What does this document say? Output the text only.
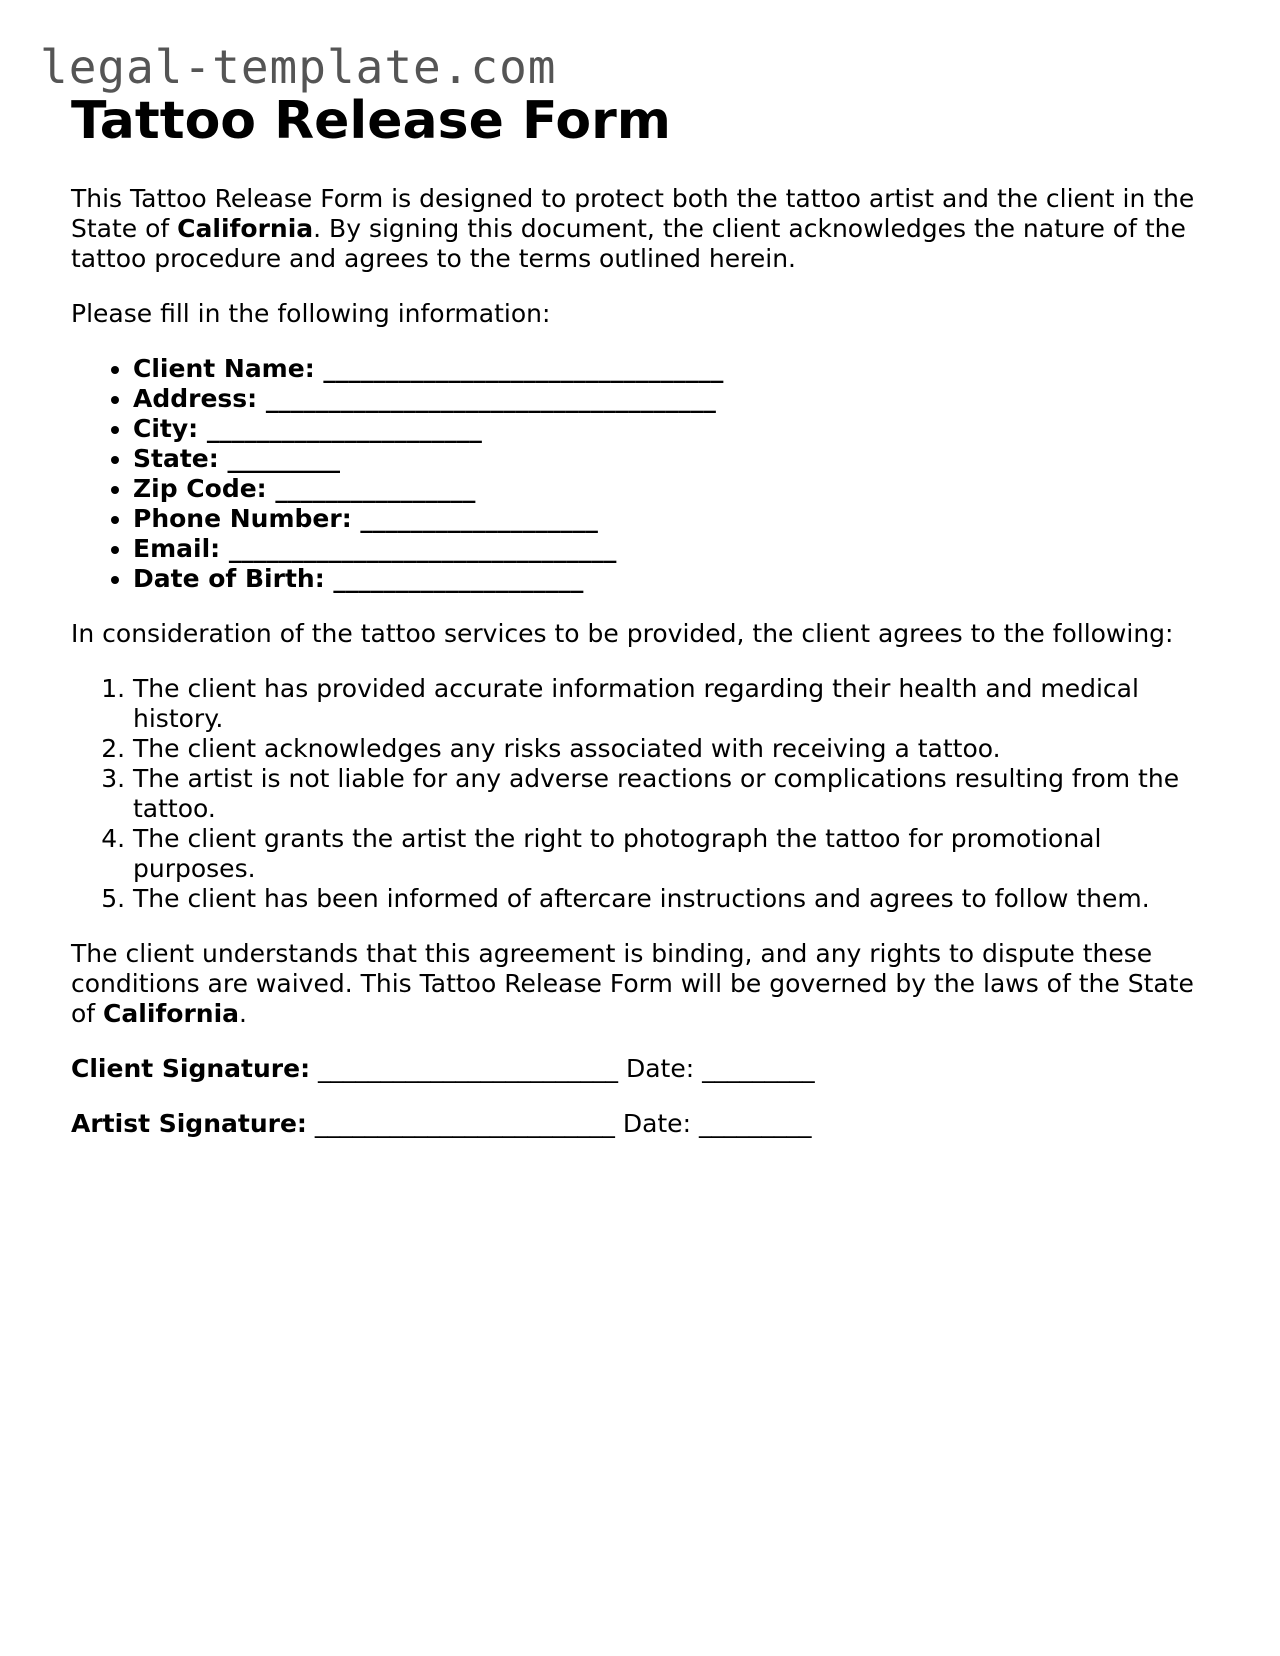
legal-template.com
Tattoo Release Form

This Tattoo Release Form is designed to protect both the tattoo artist and the client in the State of California. By signing this document, the client acknowledges the nature of the tattoo procedure and agrees to the terms outlined herein.

Please fill in the following information:

• Client Name: ________________________________
• Address: ____________________________________
• City: ______________________
• State: _________
• Zip Code: ________________
• Phone Number: ___________________
• Email: _______________________________
• Date of Birth: ____________________

In consideration of the tattoo services to be provided, the client agrees to the following:

1. The client has provided accurate information regarding their health and medical history.
2. The client acknowledges any risks associated with receiving a tattoo.
3. The artist is not liable for any adverse reactions or complications resulting from the tattoo.
4. The client grants the artist the right to photograph the tattoo for promotional purposes.
5. The client has been informed of aftercare instructions and agrees to follow them.

The client understands that this agreement is binding, and any rights to dispute these conditions are waived. This Tattoo Release Form will be governed by the laws of the State of California.

Client Signature: ________________________ Date: _________

Artist Signature: ________________________ Date: _________
